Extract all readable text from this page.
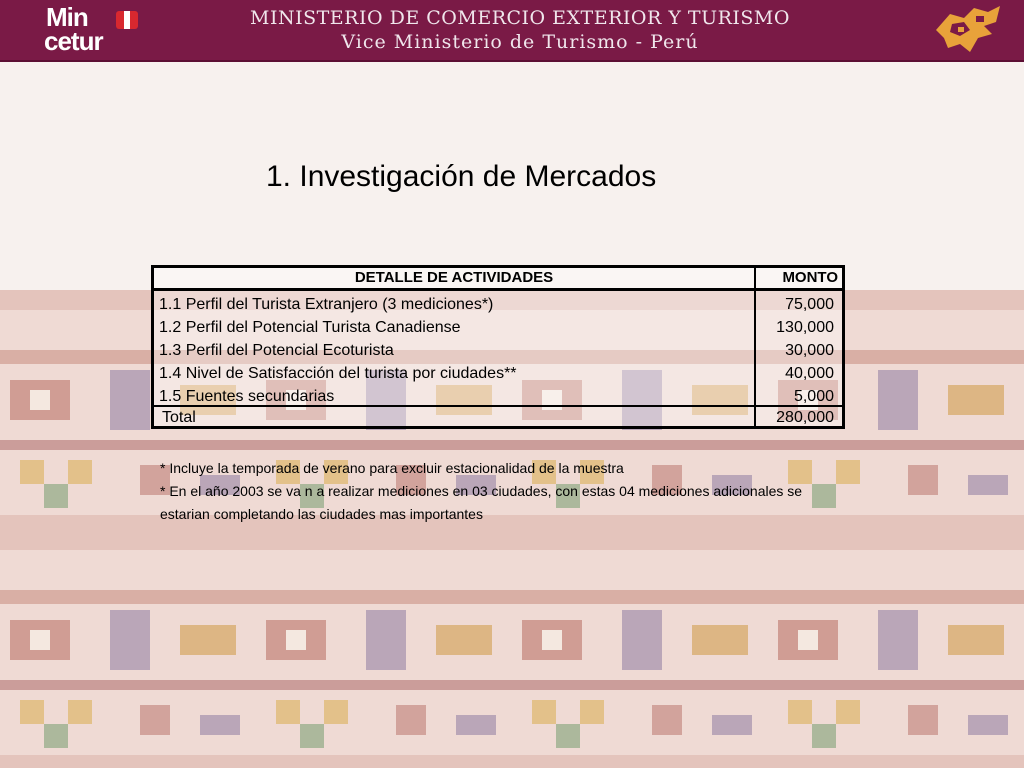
Min
cetur
MINISTERIO DE COMERCIO EXTERIOR Y TURISMO
Vice Ministerio de Turismo - Perú
1. Investigación de Mercados
DETALLE DE ACTIVIDADES	MONTO
1.1 Perfil del Turista Extranjero (3 mediciones*)	75,000
1.2 Perfil del Potencial Turista Canadiense	130,000
1.3 Perfil del Potencial Ecoturista	30,000
1.4 Nivel de Satisfacción del turista por ciudades**	40,000
1.5 Fuentes secundarias	5,000
Total	280,000

* Incluye la temporada de verano para excluir estacionalidad de la muestra

* En el año 2003 se va n a realizar mediciones en 03 ciudades, con estas 04 mediciones adicionales se

estarian completando las ciudades mas importantes
